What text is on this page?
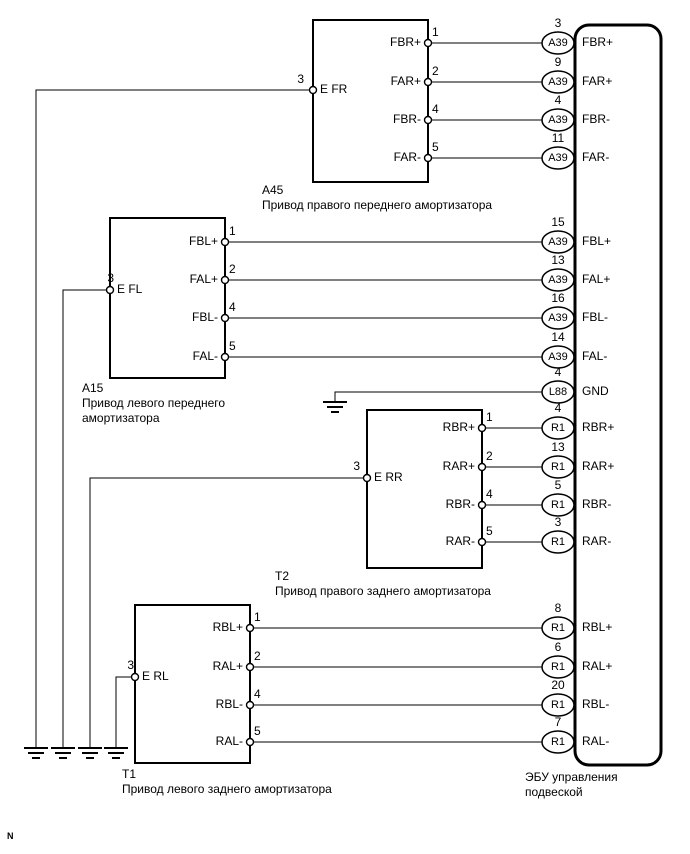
1
2
4
5
FBR+
FAR+
FBR-
FAR-
3
E FR
A45
Привод правого переднего амортизатора
1
2
4
5
FBL+
FAL+
FBL-
FAL-
3
E FL
A15
Привод левого переднего
амортизатора	1
2
4
5
RBR+
RAR+
RBR-
RAR-
3
E RR
T2
Привод правого заднего амортизатора
1
2
4
5
RBL+
RAL+
RBL-
RAL-
3
E RL
T1
Привод левого заднего амортизатора
3
A39	FBR+
9
A39	FAR+
4
A39	FBR-
11
A39	FAR-
15
A39	FBL+
13
A39	FAL+
16
A39	FBL-
14
A39	FAL-
4
L88	GND
4
R1	RBR+
13
R1	RAR+
5
R1	RBR-
3
R1	RAR-
8
R1	RBL+
6
R1	RAL+
20
R1	RBL-
7
R1	RAL-
ЭБУ управления
подвеской
N
